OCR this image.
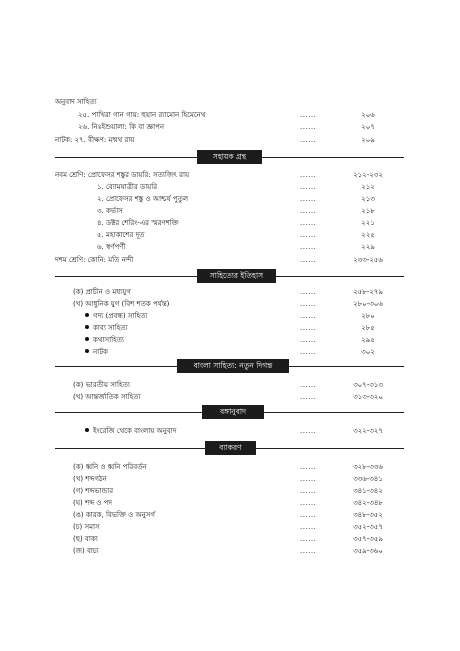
অনুবাদ সাহিত্য
২৫. পাখিরা গান গায়: হুয়ান র‍্যামোন হিমেনেথ	......	২০৬
২৬. নিঃইশুয়ালা: কি বা জ্ঞাপন	......	২০৭
নাটক: ২৭. বীক্ষণ: মন্মথ রায়	......	২০৯
সহায়ক গ্রন্থ
নবম শ্রেণি: প্রোফেসর শঙ্কুর ডায়রি: সত্যজিৎ রায়	......	২১২-২৩২
১. ব্যোমযাত্রীর ডায়রি	......	২১২
২. প্রোফেসর শঙ্কু ও আশ্চর্য পুতুল	......	২১৩
৩. কর্ভাস	......	২১৮
৪. ডক্টর শেরিং-এর স্মরণশক্তি	......	২২১
৫. মহাকাশের দূত	......	২২৫
৬. স্বর্ণপর্ণী	......	২২৯
দশম শ্রেণি: কোনি: মতি নন্দী	......	২৩৩-২৫৬
সাহিত্যের ইতিহাস
(ক) প্রাচীন ও মধ্যযুগ	......	২৫৮-২৭৯
(খ) আধুনিক যুগ (বিশ শতক পর্যন্ত)	......	২৮০-৩০৬
গদ্য (প্রবন্ধ) সাহিত্য	......	২৮০
কাব্য সাহিত্য	......	২৮৫
কথাসাহিত্য	......	২৯৫
নাটক	......	৩০২
বাংলা সাহিত্য: নতুন দিগন্ত
(ক) ভারতীয় সাহিত্য	......	৩০৭-৩১৩
(খ) আন্তর্জাতিক সাহিত্য	......	৩১৩-৩২০
বঙ্গানুবাদ
ইংরেজি থেকে বাংলায় অনুবাদ	......	৩২২-৩২৭
ব্যাকরণ
(ক) ধ্বনি ও ধ্বনি পরিবর্তন	......	৩২৮-৩৩৬
(খ) শব্দগঠন	......	৩৩৬-৩৪১
(গ) শব্দভান্ডার	......	৩৪১-৩৪২
(ঘ) শব্দ ও পদ	......	৩৪২-৩৪৮
(ঙ) কারক, বিভক্তি ও অনুসর্গ	......	৩৪৮-৩৫২
(চ) সমাস	......	৩৫২-৩৫৭
(ছ) বাক্য	......	৩৫৭-৩৫৯
(জ) বাচ্য	......	৩৫৯-৩৬০
